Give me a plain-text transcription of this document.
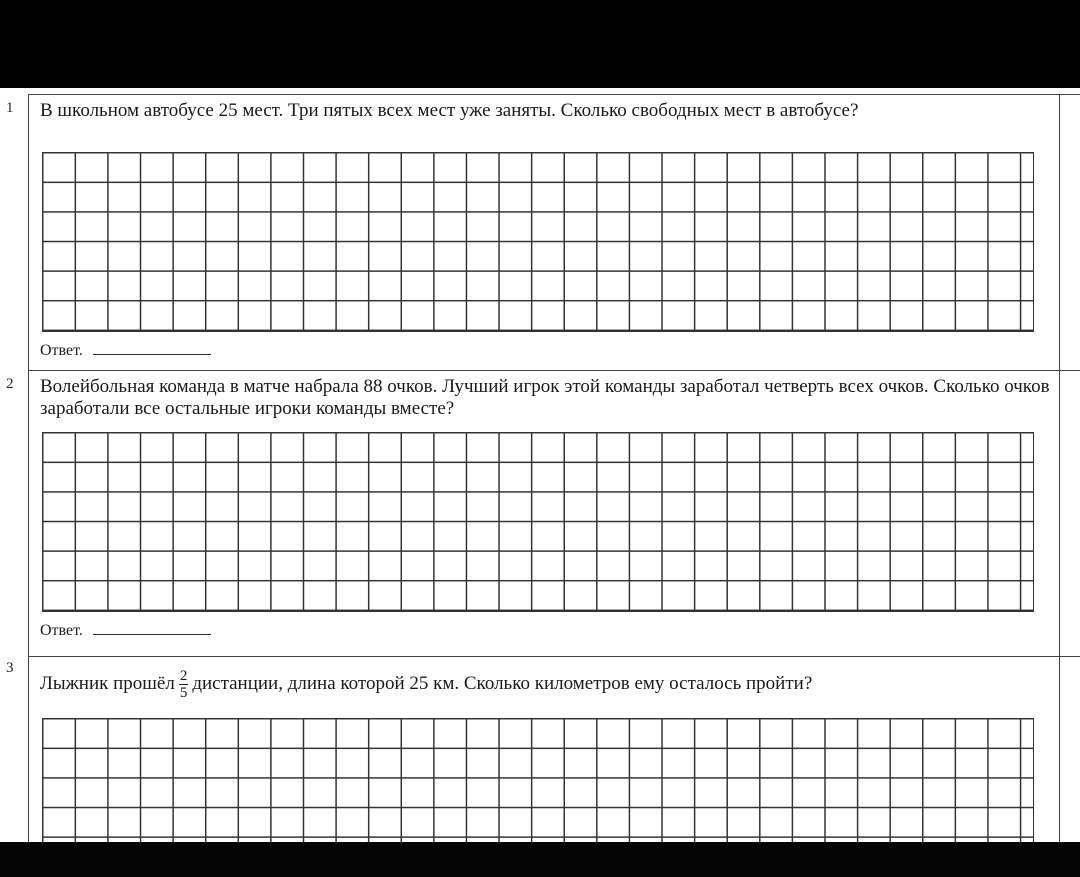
1 В школьном автобусе 25 мест. Три пятых всех мест уже заняты. Сколько свободных мест в автобусе?
Ответ.
2 Волейбольная команда в матче набрала 88 очков. Лучший игрок этой команды заработал четверть всех очков. Сколько очков заработали все остальные игроки команды вместе?
Ответ.
3
Лыжник прошёл $\frac{2}{5}$ дистанции, длина которой 25 км. Сколько километров ему осталось пройти?
